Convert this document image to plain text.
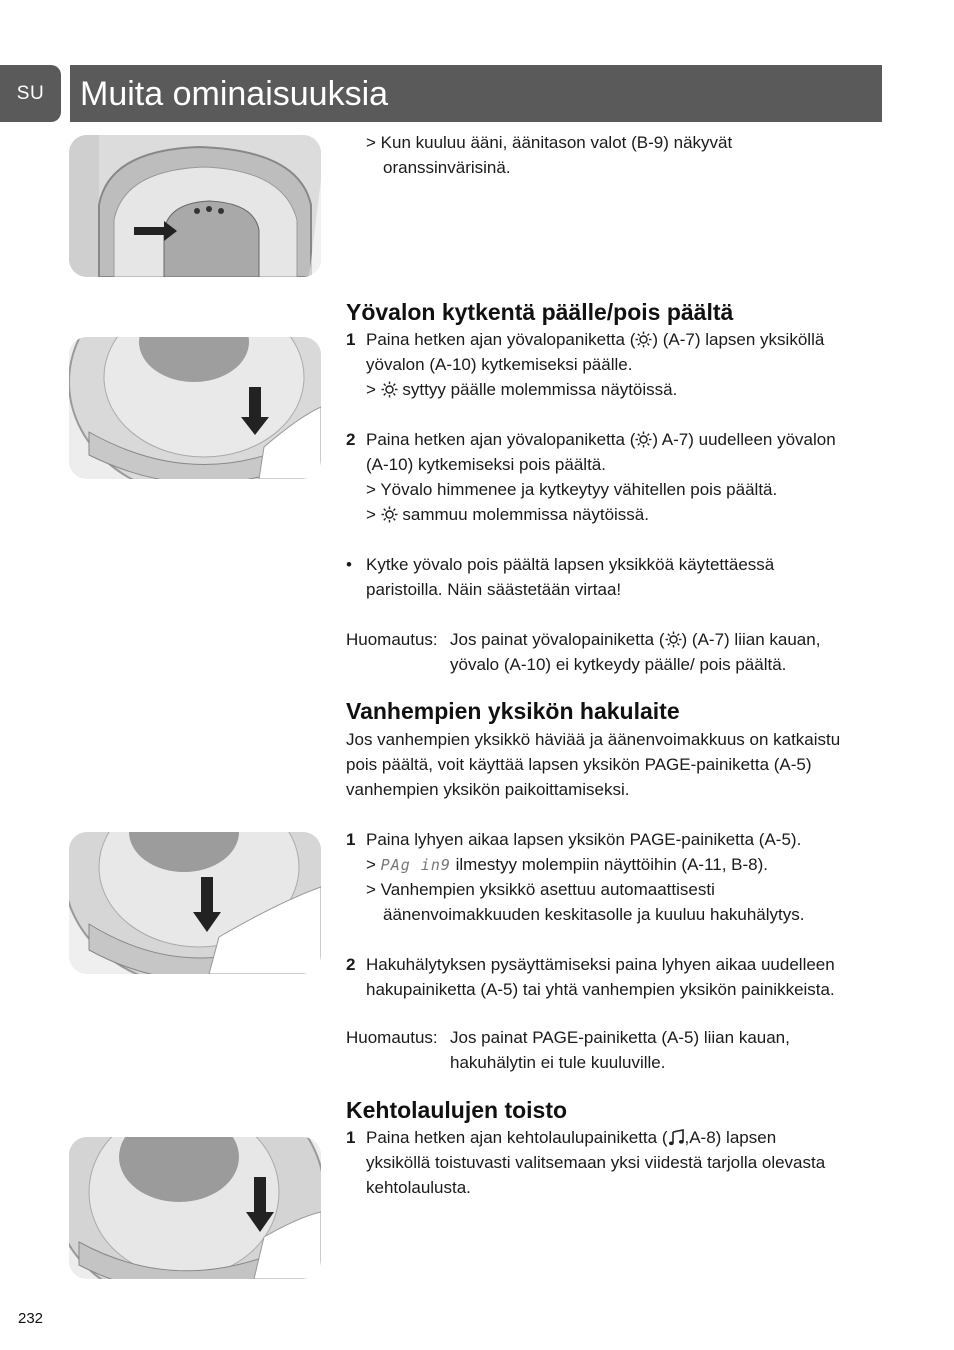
SU	Muita ominaisuuksia
> Kun kuuluu ääni, äänitason valot (B-9) näkyvät
oranssinvärisinä.
Yövalon kytkentä päälle/pois päältä
1 Paina hetken ajan yövalopaniketta ( ) (A-7) lapsen yksiköllä
yövalon (A-10) kytkemiseksi päälle.
> syttyy päälle molemmissa näytöissä.
2 Paina hetken ajan yövalopaniketta ( ) A-7) uudelleen yövalon
(A-10) kytkemiseksi pois päältä.
> Yövalo himmenee ja kytkeytyy vähitellen pois päältä.
> sammuu molemmissa näytöissä.
• Kytke yövalo pois päältä lapsen yksikköä käytettäessä
paristoilla. Näin säästetään virtaa!
Huomautus: Jos painat yövalopainiketta ( ) (A-7) liian kauan,
yövalo (A-10) ei kytkeydy päälle/ pois päältä.
Vanhempien yksikön hakulaite
Jos vanhempien yksikkö häviää ja äänenvoimakkuus on katkaistu
pois päältä, voit käyttää lapsen yksikön PAGE-painiketta (A-5)
vanhempien yksikön paikoittamiseksi.
1 Paina lyhyen aikaa lapsen yksikön PAGE-painiketta (A-5).
> PAg in9 ilmestyy molempiin näyttöihin (A-11, B-8).
> Vanhempien yksikkö asettuu automaattisesti
äänenvoimakkuuden keskitasolle ja kuuluu hakuhälytys.
2 Hakuhälytyksen pysäyttämiseksi paina lyhyen aikaa uudelleen
hakupainiketta (A-5) tai yhtä vanhempien yksikön painikkeista.
Huomautus: Jos painat PAGE-painiketta (A-5) liian kauan,
hakuhälytin ei tule kuuluville.
Kehtolaulujen toisto
1 Paina hetken ajan kehtolaulupainiketta ( ,A-8) lapsen
yksiköllä toistuvasti valitsemaan yksi viidestä tarjolla olevasta
kehtolaulusta.
232
